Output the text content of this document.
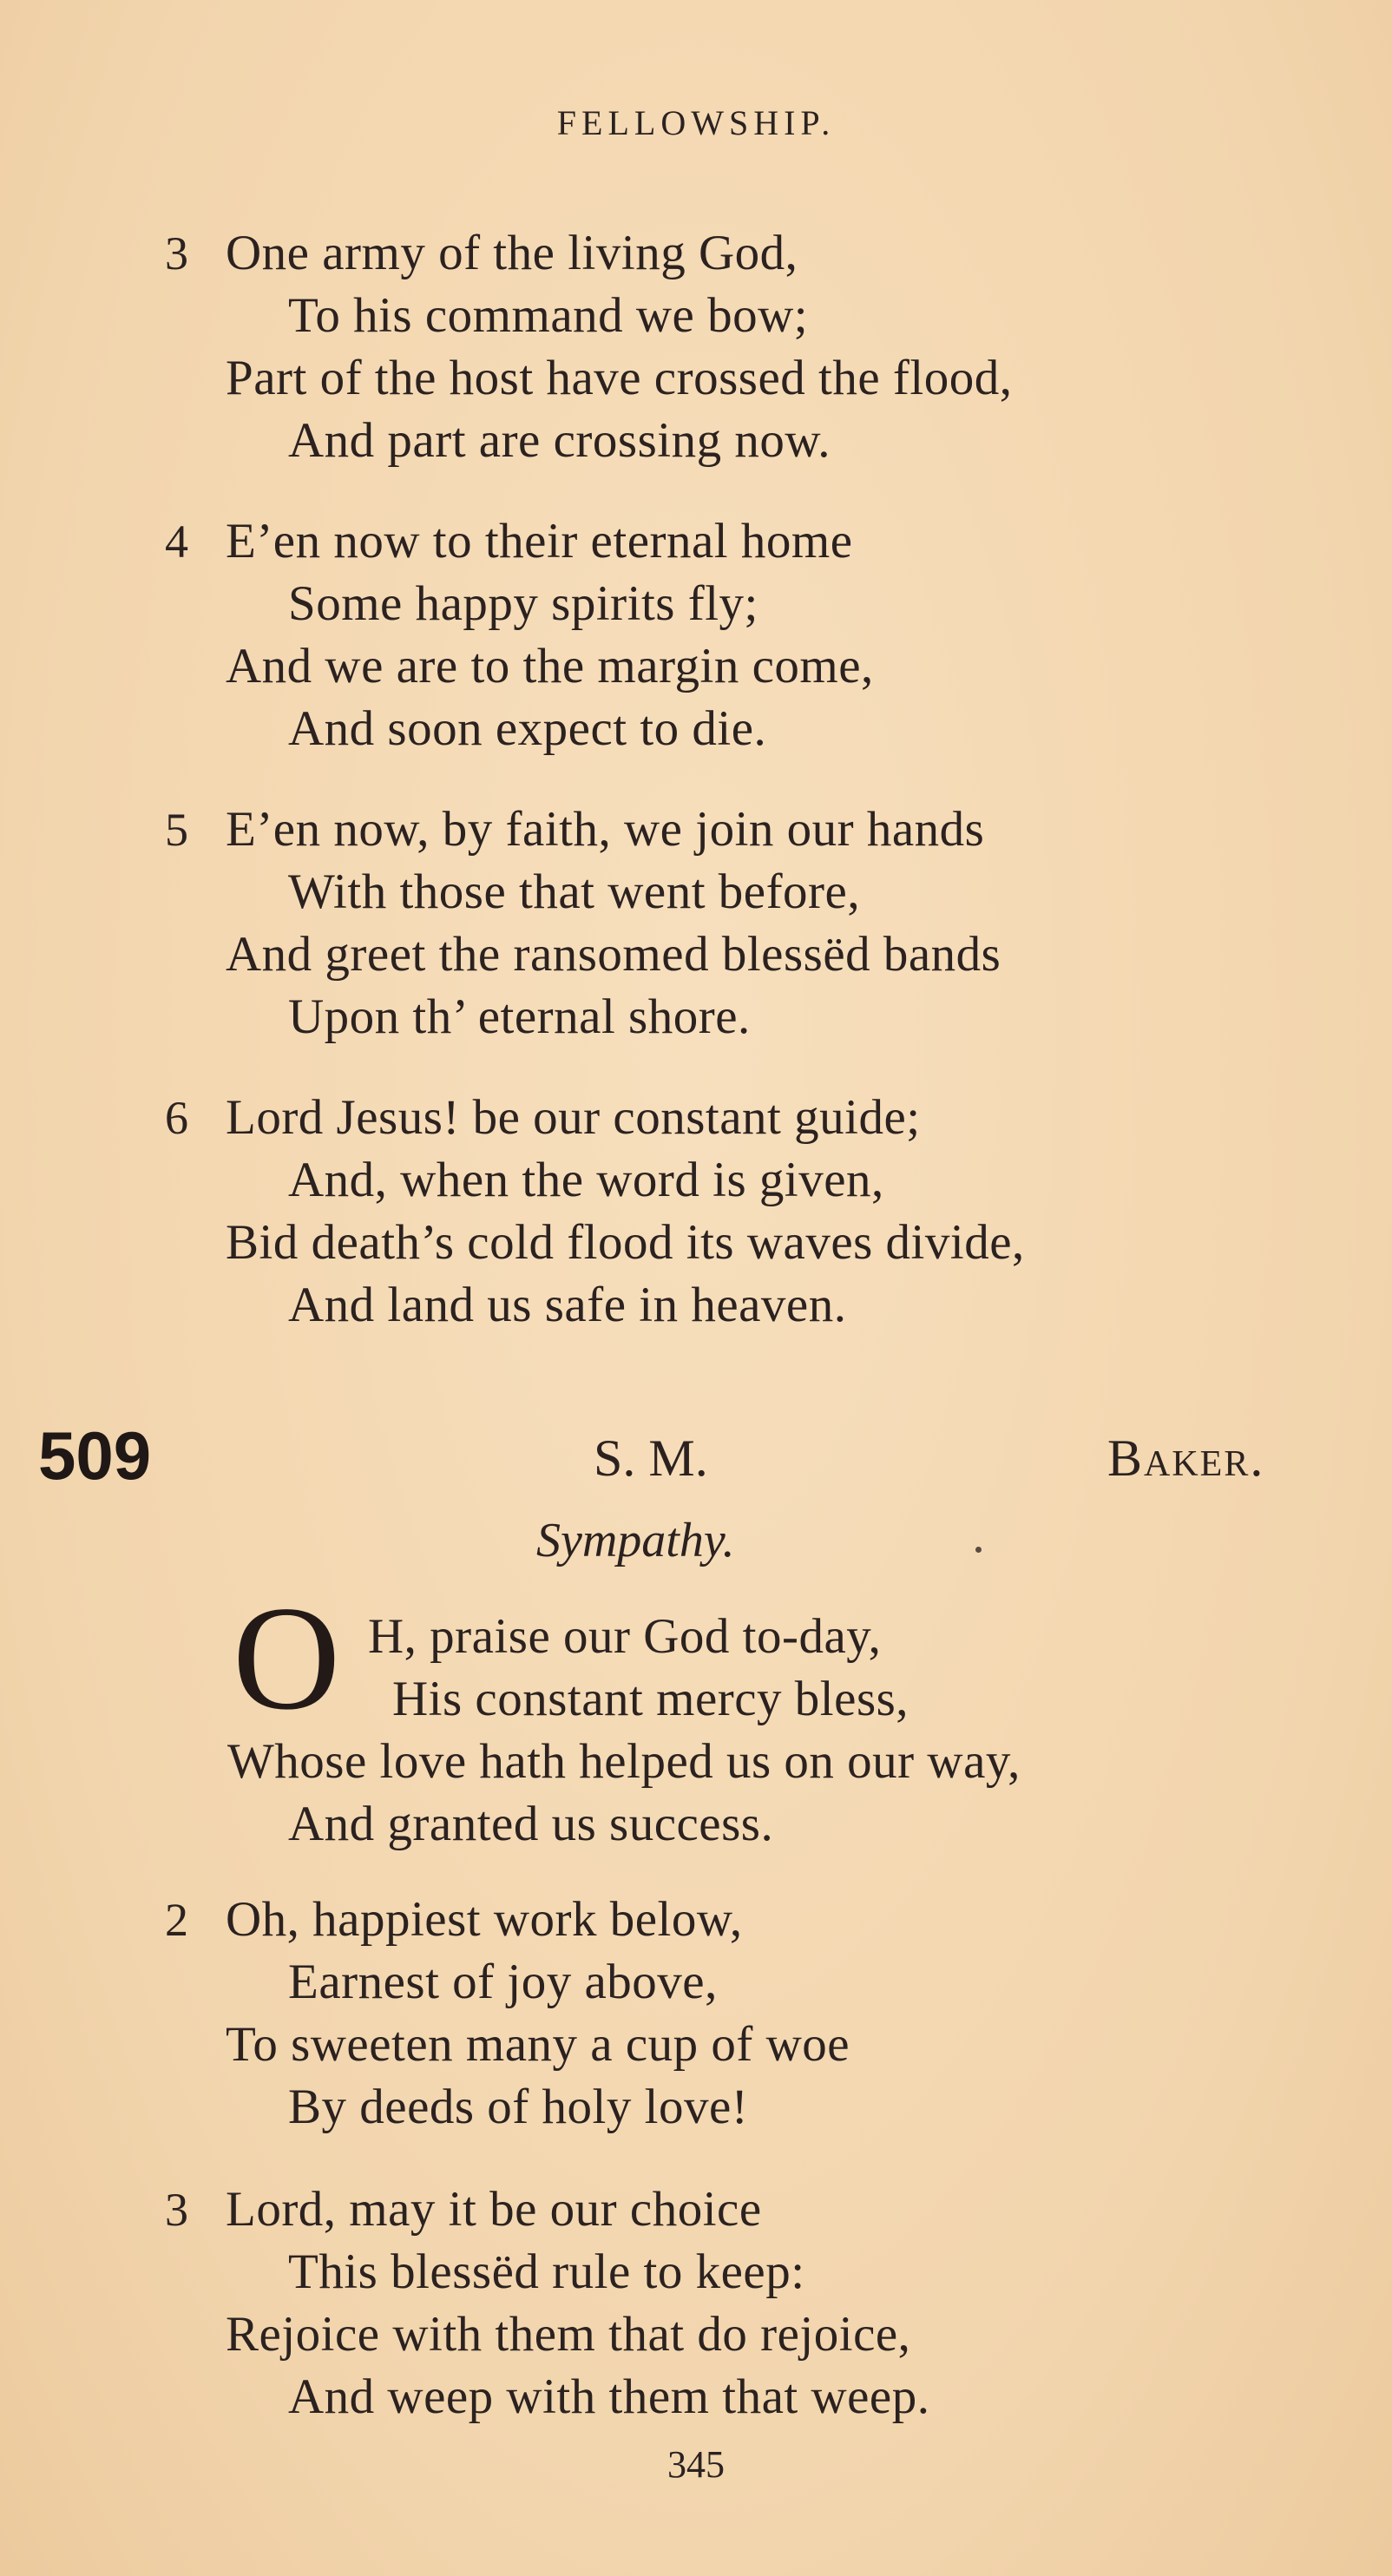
FELLOWSHIP.
3 One army of the living God,
To his command we bow;
Part of the host have crossed the flood,
And part are crossing now.
4 E’en now to their eternal home
Some happy spirits fly;
And we are to the margin come,
And soon expect to die.
5 E’en now, by faith, we join our hands
With those that went before,
And greet the ransomed blessëd bands
Upon th’ eternal shore.
6 Lord Jesus! be our constant guide;
And, when the word is given,
Bid death’s cold flood its waves divide,
And land us safe in heaven.
509	S. M.	Baker.
Sympathy.
O H, praise our God to-day,
His constant mercy bless,
Whose love hath helped us on our way,
And granted us success.
2 Oh, happiest work below,
Earnest of joy above,
To sweeten many a cup of woe
By deeds of holy love!
3 Lord, may it be our choice
This blessëd rule to keep:
Rejoice with them that do rejoice,
And weep with them that weep.
345
